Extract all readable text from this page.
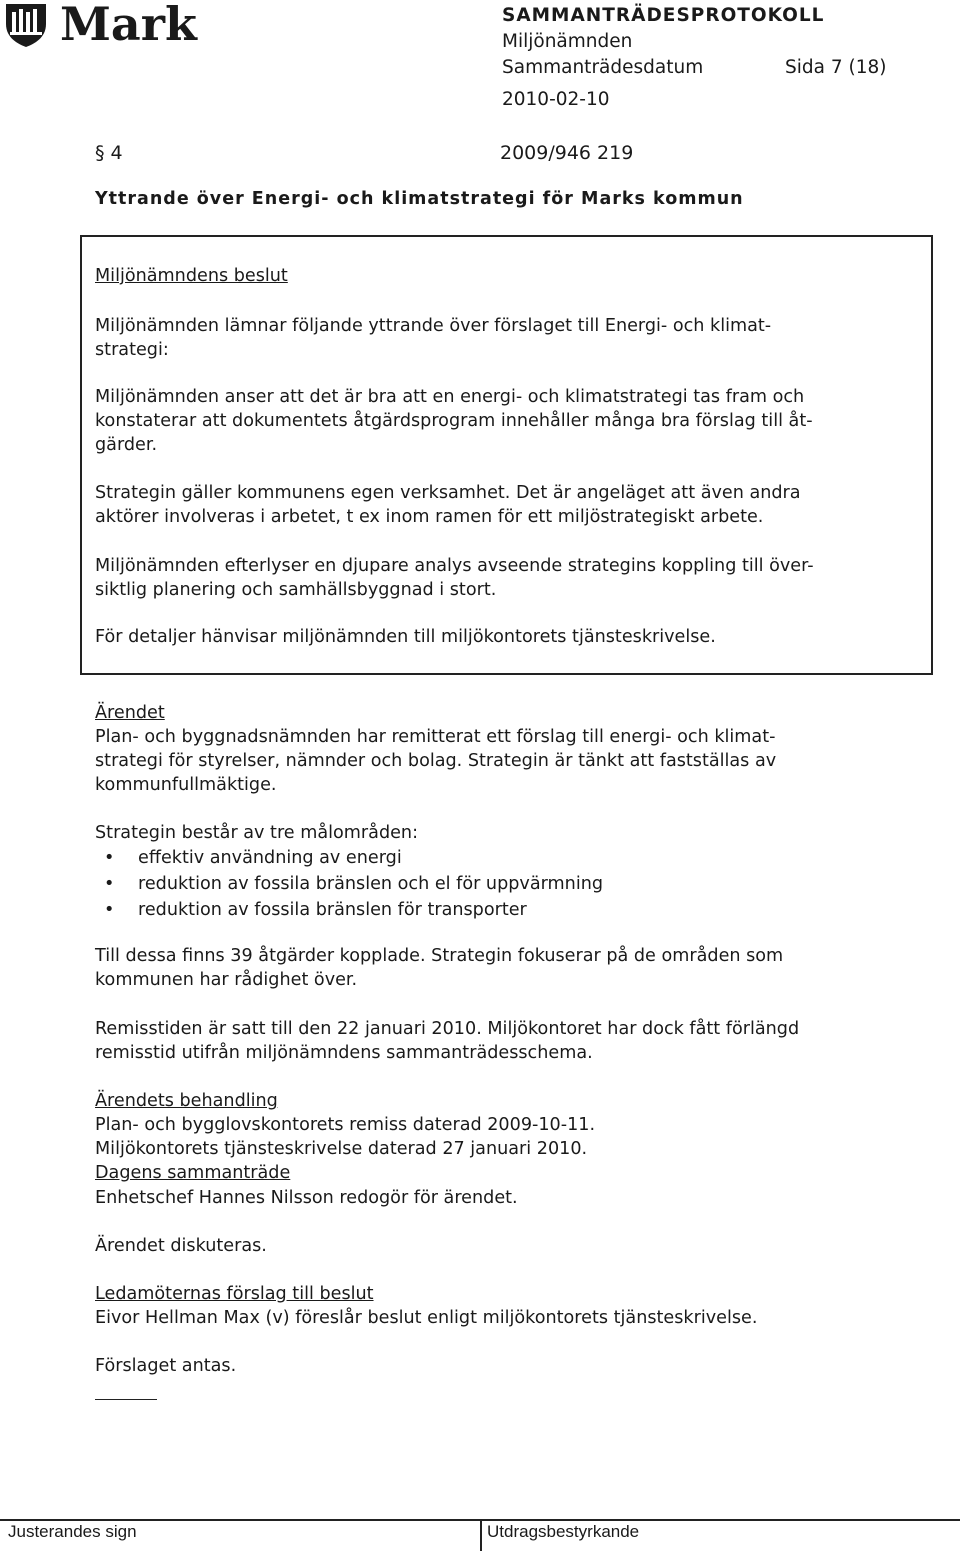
Mark	SAMMANTRÄDESPROTOKOLL
Miljönämnden
Sammanträdesdatum	Sida 7 (18)
2010-02-10
§ 4	2009/946 219
Yttrande över Energi- och klimatstrategi för Marks kommun
Miljönämndens beslut

Miljönämnden lämnar följande yttrande över förslaget till Energi- och klimat-

strategi:

Miljönämnden anser att det är bra att en energi- och klimatstrategi tas fram och

konstaterar att dokumentets åtgärdsprogram innehåller många bra förslag till åt-

gärder.

Strategin gäller kommunens egen verksamhet. Det är angeläget att även andra

aktörer involveras i arbetet, t ex inom ramen för ett miljöstrategiskt arbete.

Miljönämnden efterlyser en djupare analys avseende strategins koppling till över-

siktlig planering och samhällsbyggnad i stort.

För detaljer hänvisar miljönämnden till miljökontorets tjänsteskrivelse.

Ärendet

Plan- och byggnadsnämnden har remitterat ett förslag till energi- och klimat-

strategi för styrelser, nämnder och bolag. Strategin är tänkt att fastställas av

kommunfullmäktige.

Strategin består av tre målområden:
• effektiv användning av energi
• reduktion av fossila bränslen och el för uppvärmning
• reduktion av fossila bränslen för transporter

Till dessa finns 39 åtgärder kopplade. Strategin fokuserar på de områden som

kommunen har rådighet över.

Remisstiden är satt till den 22 januari 2010. Miljökontoret har dock fått förlängd

remisstid utifrån miljönämndens sammanträdesschema.

Ärendets behandling
Plan- och bygglovskontorets remiss daterad 2009-10-11.
Miljökontorets tjänsteskrivelse daterad 27 januari 2010.
Dagens sammanträde
Enhetschef Hannes Nilsson redogör för ärendet.
Ärendet diskuteras.
Ledamöternas förslag till beslut
Eivor Hellman Max (v) föreslår beslut enligt miljökontorets tjänsteskrivelse.
Förslaget antas.
Justerandes sign	Utdragsbestyrkande
